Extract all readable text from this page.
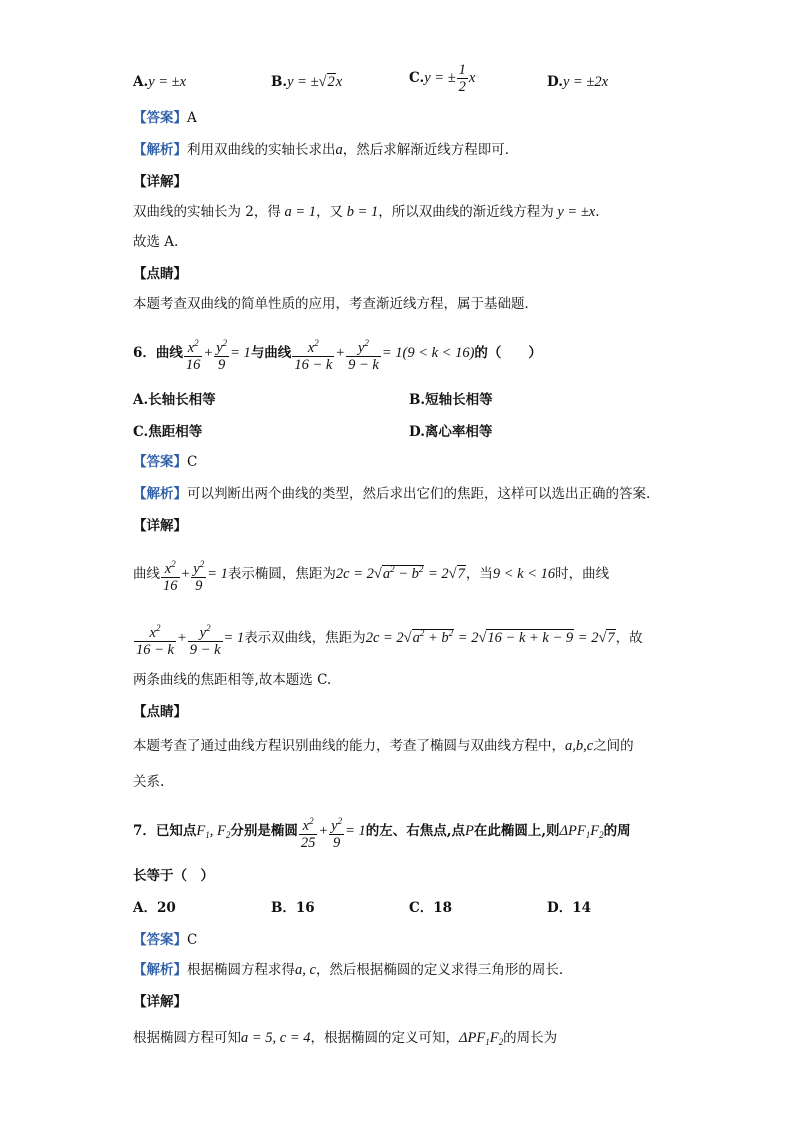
A.y = ±x	B.y = ±√2x	C.y = ± $\frac{1}{2}$ x	D.y = ±2x
【答案】A
【解析】利用双曲线的实轴长求出a，然后求解渐近线方程即可．
【详解】
双曲线的实轴长为 2，得 a = 1，又 b = 1，所以双曲线的渐近线方程为 y = ±x.
故选 A.
【点睛】
本题考查双曲线的简单性质的应用，考查渐近线方程，属于基础题．
6．曲线 $\frac{x^2}{16} + \frac{y^2}{9} = 1$与曲线 $\frac{x^2}{16 - k} + \frac{y^2}{9 - k} = 1(9 < k < 16)$的（　　）
A.长轴长相等	B.短轴长相等
C.焦距相等	D.离心率相等
【答案】C
【解析】可以判断出两个曲线的类型，然后求出它们的焦距，这样可以选出正确的答案.
【详解】
曲线 $\frac{x^2}{16} + \frac{y^2}{9} = 1$表示椭圆，焦距为$2c = 2√a^2 - b^2 = 2√7$，当9 < k < 16时，曲线
$\frac{x^2}{16 - k} + \frac{y^2}{9 - k} = 1$表示双曲线，焦距为$2c = 2√a^2 + b^2 = 2√16 - k + k - 9 = 2√7$，故
两条曲线的焦距相等,故本题选 C.
【点睛】
本题考查了通过曲线方程识别曲线的能力，考查了椭圆与双曲线方程中，a,b,c之间的
关系.
7．已知点$F_1$, $F_2$分别是椭圆 $\frac{x^2}{25} + \frac{y^2}{9} = 1$的左、右焦点,点P在此椭圆上,则$\Delta PF_1F_2$的周
长等于（　）
A．20	B．16	C．18	D．14
【答案】C
【解析】根据椭圆方程求得a, c，然后根据椭圆的定义求得三角形的周长.
【详解】
根据椭圆方程可知a = 5, c = 4，根据椭圆的定义可知，$\Delta PF_1F_2$的周长为
